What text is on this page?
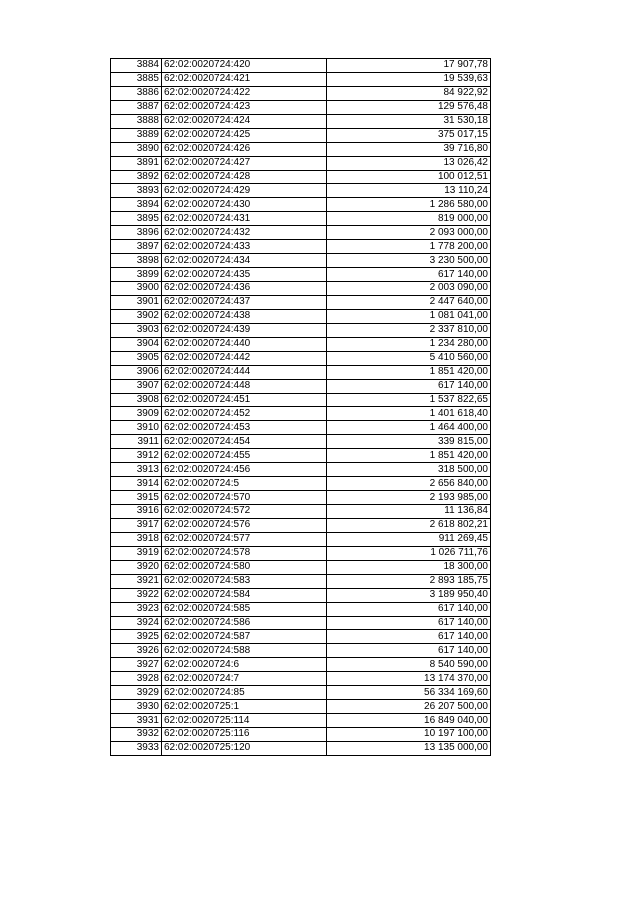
3884	62:02:0020724:420	17 907,78
3885	62:02:0020724:421	19 539,63
3886	62:02:0020724:422	84 922,92
3887	62:02:0020724:423	129 576,48
3888	62:02:0020724:424	31 530,18
3889	62:02:0020724:425	375 017,15
3890	62:02:0020724:426	39 716,80
3891	62:02:0020724:427	13 026,42
3892	62:02:0020724:428	100 012,51
3893	62:02:0020724:429	13 110,24
3894	62:02:0020724:430	1 286 580,00
3895	62:02:0020724:431	819 000,00
3896	62:02:0020724:432	2 093 000,00
3897	62:02:0020724:433	1 778 200,00
3898	62:02:0020724:434	3 230 500,00
3899	62:02:0020724:435	617 140,00
3900	62:02:0020724:436	2 003 090,00
3901	62:02:0020724:437	2 447 640,00
3902	62:02:0020724:438	1 081 041,00
3903	62:02:0020724:439	2 337 810,00
3904	62:02:0020724:440	1 234 280,00
3905	62:02:0020724:442	5 410 560,00
3906	62:02:0020724:444	1 851 420,00
3907	62:02:0020724:448	617 140,00
3908	62:02:0020724:451	1 537 822,65
3909	62:02:0020724:452	1 401 618,40
3910	62:02:0020724:453	1 464 400,00
3911	62:02:0020724:454	339 815,00
3912	62:02:0020724:455	1 851 420,00
3913	62:02:0020724:456	318 500,00
3914	62:02:0020724:5	2 656 840,00
3915	62:02:0020724:570	2 193 985,00
3916	62:02:0020724:572	11 136,84
3917	62:02:0020724:576	2 618 802,21
3918	62:02:0020724:577	911 269,45
3919	62:02:0020724:578	1 026 711,76
3920	62:02:0020724:580	18 300,00
3921	62:02:0020724:583	2 893 185,75
3922	62:02:0020724:584	3 189 950,40
3923	62:02:0020724:585	617 140,00
3924	62:02:0020724:586	617 140,00
3925	62:02:0020724:587	617 140,00
3926	62:02:0020724:588	617 140,00
3927	62:02:0020724:6	8 540 590,00
3928	62:02:0020724:7	13 174 370,00
3929	62:02:0020724:85	56 334 169,60
3930	62:02:0020725:1	26 207 500,00
3931	62:02:0020725:114	16 849 040,00
3932	62:02:0020725:116	10 197 100,00
3933	62:02:0020725:120	13 135 000,00
